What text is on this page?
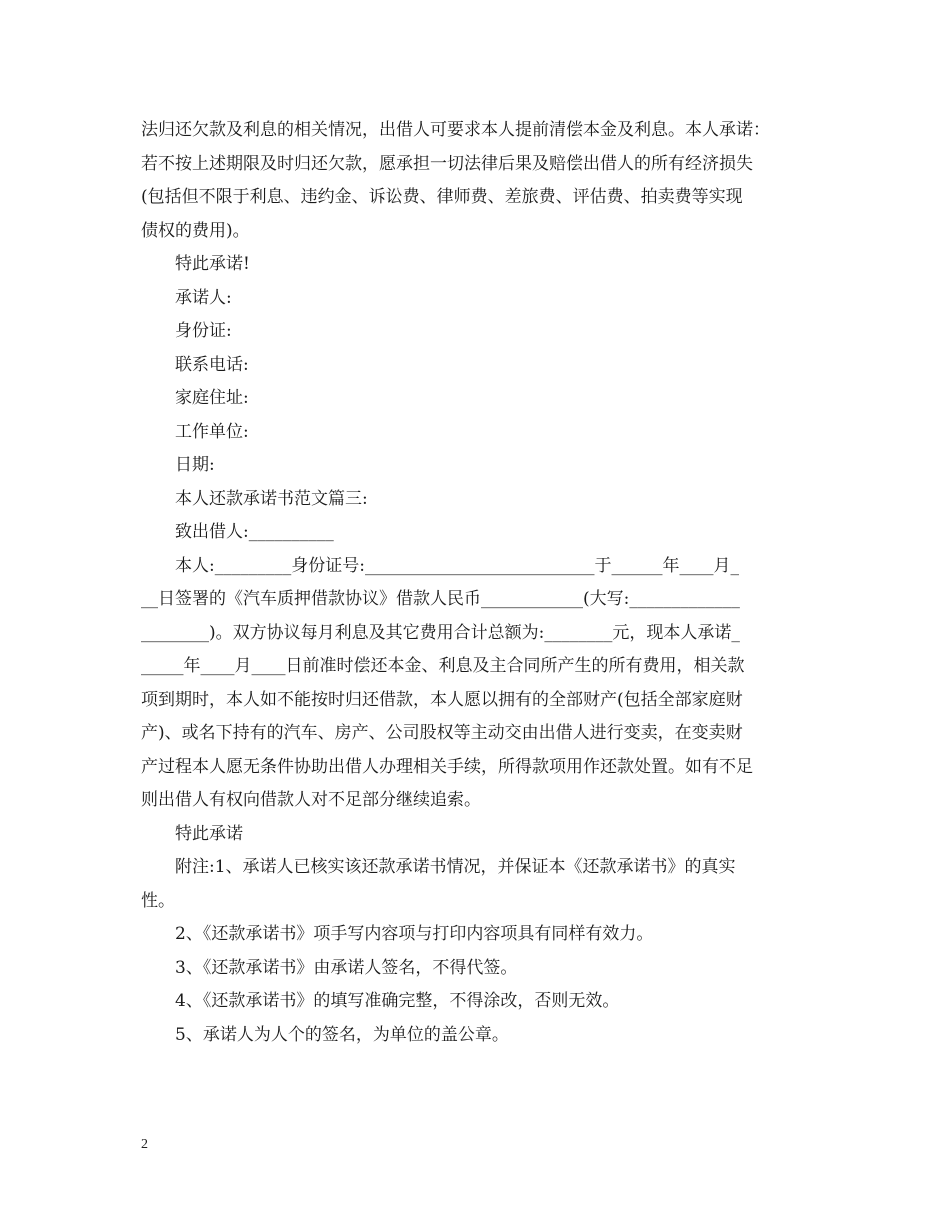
法归还欠款及利息的相关情况，出借人可要求本人提前清偿本金及利息。本人承诺：
若不按上述期限及时归还欠款，愿承担一切法律后果及赔偿出借人的所有经济损失
(包括但不限于利息、违约金、诉讼费、律师费、差旅费、评估费、拍卖费等实现
债权的费用)。
特此承诺!
承诺人:
身份证:
联系电话:
家庭住址:
工作单位:
日期:
本人还款承诺书范文篇三:
致出借人:__________
本人:_________身份证号:___________________________于______年____月_
__日签署的《汽车质押借款协议》借款人民币____________(大写:_____________
________)。双方协议每月利息及其它费用合计总额为:________元，现本人承诺_
_____年____月____日前准时偿还本金、利息及主合同所产生的所有费用，相关款
项到期时，本人如不能按时归还借款，本人愿以拥有的全部财产(包括全部家庭财
产)、或名下持有的汽车、房产、公司股权等主动交由出借人进行变卖，在变卖财
产过程本人愿无条件协助出借人办理相关手续，所得款项用作还款处置。如有不足
则出借人有权向借款人对不足部分继续追索。
特此承诺
附注:1、承诺人已核实该还款承诺书情况，并保证本《还款承诺书》的真实
性。
2、《还款承诺书》项手写内容项与打印内容项具有同样有效力。
3、《还款承诺书》由承诺人签名，不得代签。
4、《还款承诺书》的填写准确完整，不得涂改，否则无效。
5、承诺人为人个的签名，为单位的盖公章。
2
